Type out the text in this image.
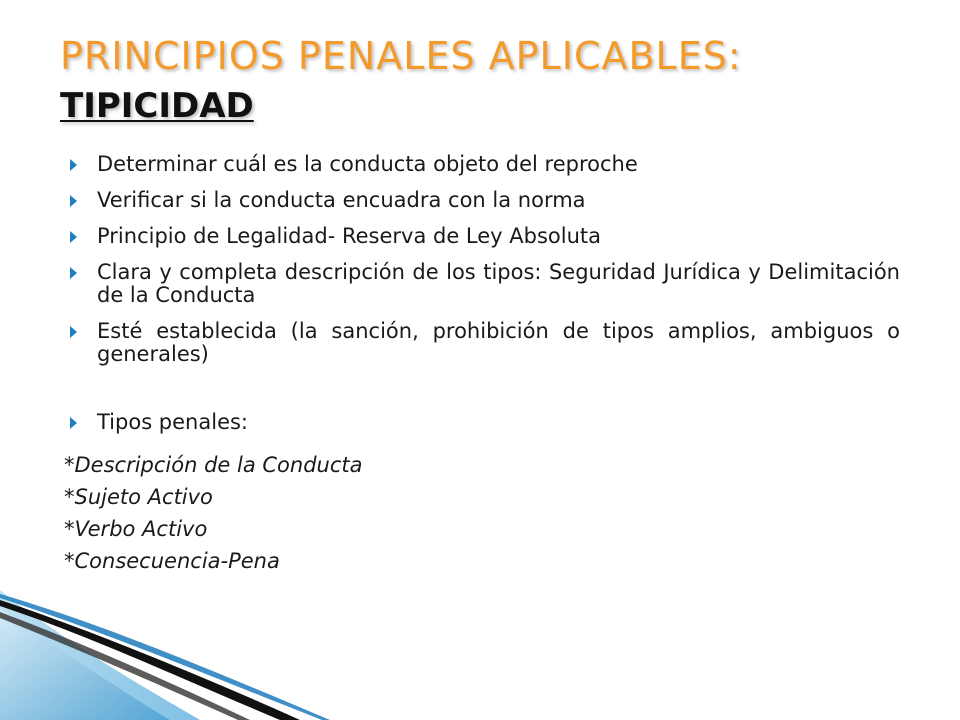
PRINCIPIOS PENALES APLICABLES:
TIPICIDAD
Determinar cuál es la conducta objeto del reproche
Verificar si la conducta encuadra con la norma
Principio de Legalidad- Reserva de Ley Absoluta
Clara y completa descripción de los tipos: Seguridad Jurídica y Delimitación de la Conducta
Esté establecida (la sanción, prohibición de tipos amplios, ambiguos o generales)
Tipos penales:
*Descripción de la Conducta
*Sujeto Activo
*Verbo Activo
*Consecuencia-Pena
